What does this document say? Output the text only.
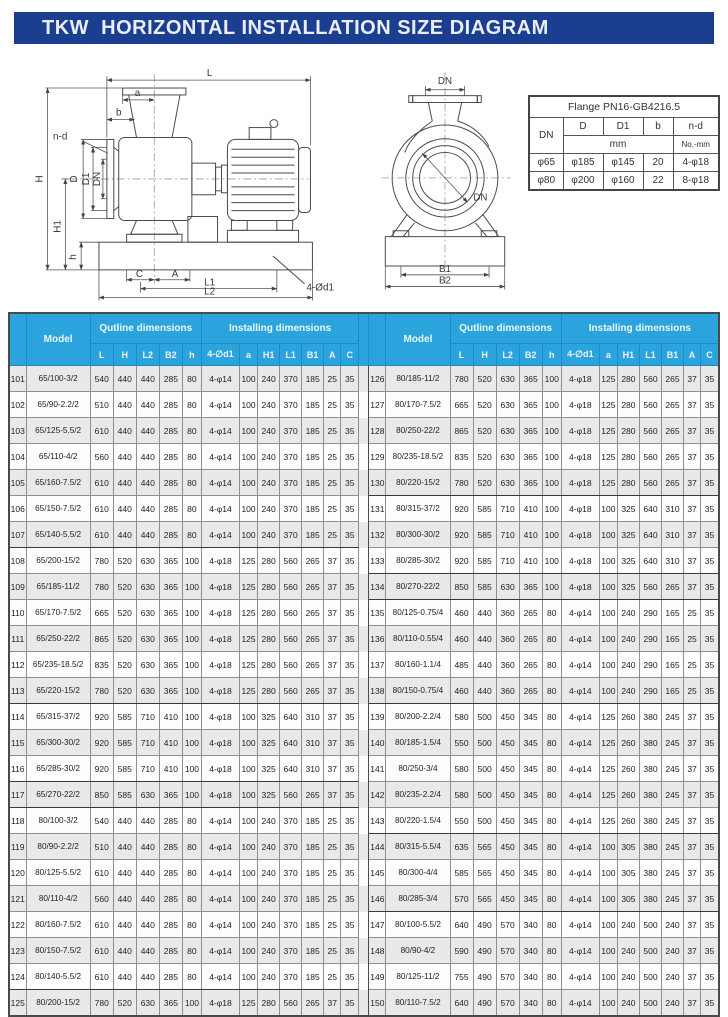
TKW  HORIZONTAL INSTALLATION SIZE DIAGRAM
L
a
b
n-d
D D1 DN
H
H1
h
C	A
L1
L2	4-Ød1
DN
DN
B1
B2
Flange PN16-GB4216.5				
DN	D	D1	b	n-d
	mm			No.-mm
φ65	φ185	φ145	20	4-φ18
φ80	φ200	φ160	22	8-φ18
	Model	Qutline dimensions					Installing dimensions									Model	Qutline dimensions					Installing dimensions						
		L	H	L2	B2	h	4-∅d1	a	H1	L1	B1	A	C				L	H	L2	B2	h	4-∅d1	a	H1	L1	B1	A	C
101	65/100-3/2	540	440	440	285	80	4-φ14	100	240	370	185	25	35		126	80/185-11/2	780	520	630	365	100	4-φ18	125	280	560	265	37	35
102	65/90-2.2/2	510	440	440	285	80	4-φ14	100	240	370	185	25	35		127	80/170-7.5/2	665	520	630	365	100	4-φ18	125	280	560	265	37	35
103	65/125-5.5/2	610	440	440	285	80	4-φ14	100	240	370	185	25	35		128	80/250-22/2	865	520	630	365	100	4-φ18	125	280	560	265	37	35
104	65/110-4/2	560	440	440	285	80	4-φ14	100	240	370	185	25	35		129	80/235-18.5/2	835	520	630	365	100	4-φ18	125	280	560	265	37	35
105	65/160-7.5/2	610	440	440	285	80	4-φ14	100	240	370	185	25	35		130	80/220-15/2	780	520	630	365	100	4-φ18	125	280	560	265	37	35
106	65/150-7.5/2	610	440	440	285	80	4-φ14	100	240	370	185	25	35		131	80/315-37/2	920	585	710	410	100	4-φ18	100	325	640	310	37	35
107	65/140-5.5/2	610	440	440	285	80	4-φ14	100	240	370	185	25	35		132	80/300-30/2	920	585	710	410	100	4-φ18	100	325	640	310	37	35
108	65/200-15/2	780	520	630	365	100	4-φ18	125	280	560	265	37	35		133	80/285-30/2	920	585	710	410	100	4-φ18	100	325	640	310	37	35
109	65/185-11/2	780	520	630	365	100	4-φ18	125	280	560	265	37	35		134	80/270-22/2	850	585	630	365	100	4-φ18	100	325	560	265	37	35
110	65/170-7.5/2	665	520	630	365	100	4-φ18	125	280	560	265	37	35		135	80/125-0.75/4	460	440	360	265	80	4-φ14	100	240	290	165	25	35
111	65/250-22/2	865	520	630	365	100	4-φ18	125	280	560	265	37	35		136	80/110-0.55/4	460	440	360	265	80	4-φ14	100	240	290	165	25	35
112	65/235-18.5/2	835	520	630	365	100	4-φ18	125	280	560	265	37	35		137	80/160-1.1/4	485	440	360	265	80	4-φ14	100	240	290	165	25	35
113	65/220-15/2	780	520	630	365	100	4-φ18	125	280	560	265	37	35		138	80/150-0.75/4	460	440	360	265	80	4-φ14	100	240	290	165	25	35
114	65/315-37/2	920	585	710	410	100	4-φ18	100	325	640	310	37	35		139	80/200-2.2/4	580	500	450	345	80	4-φ14	125	260	380	245	37	35
115	65/300-30/2	920	585	710	410	100	4-φ18	100	325	640	310	37	35		140	80/185-1.5/4	550	500	450	345	80	4-φ14	125	260	380	245	37	35
116	65/285-30/2	920	585	710	410	100	4-φ18	100	325	640	310	37	35		141	80/250-3/4	580	500	450	345	80	4-φ14	125	260	380	245	37	35
117	65/270-22/2	850	585	630	365	100	4-φ18	100	325	560	265	37	35		142	80/235-2.2/4	580	500	450	345	80	4-φ14	125	260	380	245	37	35
118	80/100-3/2	540	440	440	285	80	4-φ14	100	240	370	185	25	35		143	80/220-1.5/4	550	500	450	345	80	4-φ14	125	260	380	245	37	35
119	80/90-2.2/2	510	440	440	285	80	4-φ14	100	240	370	185	25	35		144	80/315-5.5/4	635	565	450	345	80	4-φ14	100	305	380	245	37	35
120	80/125-5.5/2	610	440	440	285	80	4-φ14	100	240	370	185	25	35		145	80/300-4/4	585	565	450	345	80	4-φ14	100	305	380	245	37	35
121	80/110-4/2	560	440	440	285	80	4-φ14	100	240	370	185	25	35		146	80/285-3/4	570	565	450	345	80	4-φ14	100	305	380	245	37	35
122	80/160-7.5/2	610	440	440	285	80	4-φ14	100	240	370	185	25	35		147	80/100-5.5/2	640	490	570	340	80	4-φ14	100	240	500	240	37	35
123	80/150-7.5/2	610	440	440	285	80	4-φ14	100	240	370	185	25	35		148	80/90-4/2	590	490	570	340	80	4-φ14	100	240	500	240	37	35
124	80/140-5.5/2	610	440	440	285	80	4-φ14	100	240	370	185	25	35		149	80/125-11/2	755	490	570	340	80	4-φ14	100	240	500	240	37	35
125	80/200-15/2	780	520	630	365	100	4-φ18	125	280	560	265	37	35		150	80/110-7.5/2	640	490	570	340	80	4-φ14	100	240	500	240	37	35
